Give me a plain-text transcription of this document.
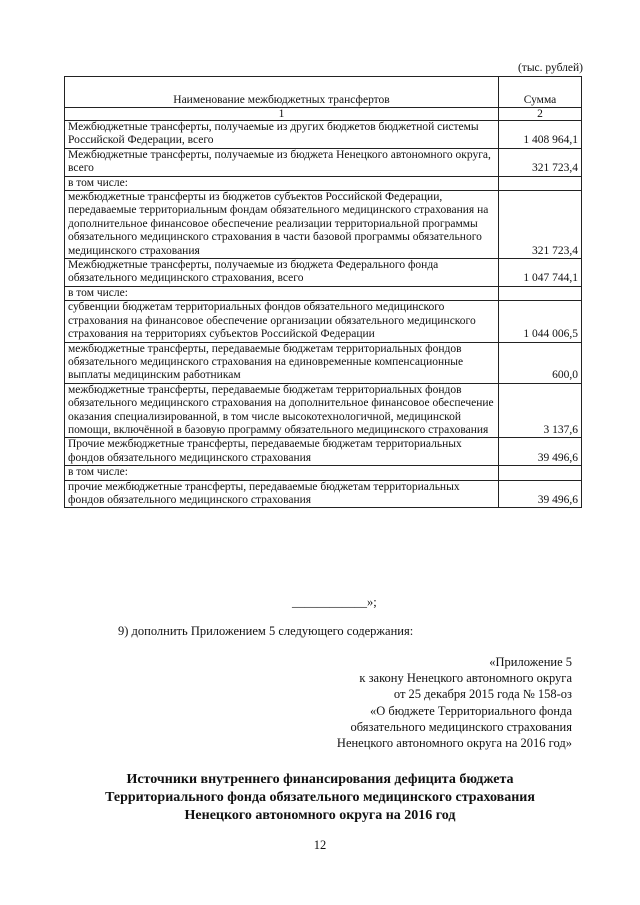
(тыс. рублей)
Наименование межбюджетных трансфертов	Сумма
1	2
Межбюджетные трансферты, получаемые из других бюджетов бюджетной системы Российской Федерации, всего	1 408 964,1
Межбюджетные трансферты, получаемые из бюджета Ненецкого автономного округа, всего	321 723,4
в том числе:	
межбюджетные трансферты из бюджетов субъектов Российской Федерации, передаваемые территориальным фондам обязательного медицинского страхования на дополнительное финансовое обеспечение реализации территориальной программы обязательного медицинского страхования в части базовой программы обязательного медицинского страхования	321 723,4
Межбюджетные трансферты, получаемые из бюджета Федерального фонда обязательного медицинского страхования, всего	1 047 744,1
в том числе:	
субвенции бюджетам территориальных фондов обязательного медицинского страхования на финансовое обеспечение организации обязательного медицинского страхования на территориях субъектов Российской Федерации	1 044 006,5
межбюджетные трансферты, передаваемые бюджетам территориальных фондов обязательного медицинского страхования на единовременные компенсационные выплаты медицинским работникам	600,0
межбюджетные трансферты, передаваемые бюджетам территориальных фондов обязательного медицинского страхования на дополнительное финансовое обеспечение оказания специализированной, в том числе высокотехнологичной, медицинской помощи, включённой в базовую программу обязательного медицинского страхования	3 137,6
Прочие межбюджетные трансферты, передаваемые бюджетам территориальных фондов обязательного медицинского страхования	39 496,6
в том числе:	
прочие межбюджетные трансферты, передаваемые бюджетам территориальных фондов обязательного медицинского страхования	39 496,6
____________»;
9) дополнить Приложением 5 следующего содержания:
«Приложение 5
к закону Ненецкого автономного округа
от 25 декабря 2015 года № 158-оз
«О бюджете Территориального фонда
обязательного медицинского страхования
Ненецкого автономного округа на 2016 год»
Источники внутреннего финансирования дефицита бюджета
Территориального фонда обязательного медицинского страхования
Ненецкого автономного округа на 2016 год
12
